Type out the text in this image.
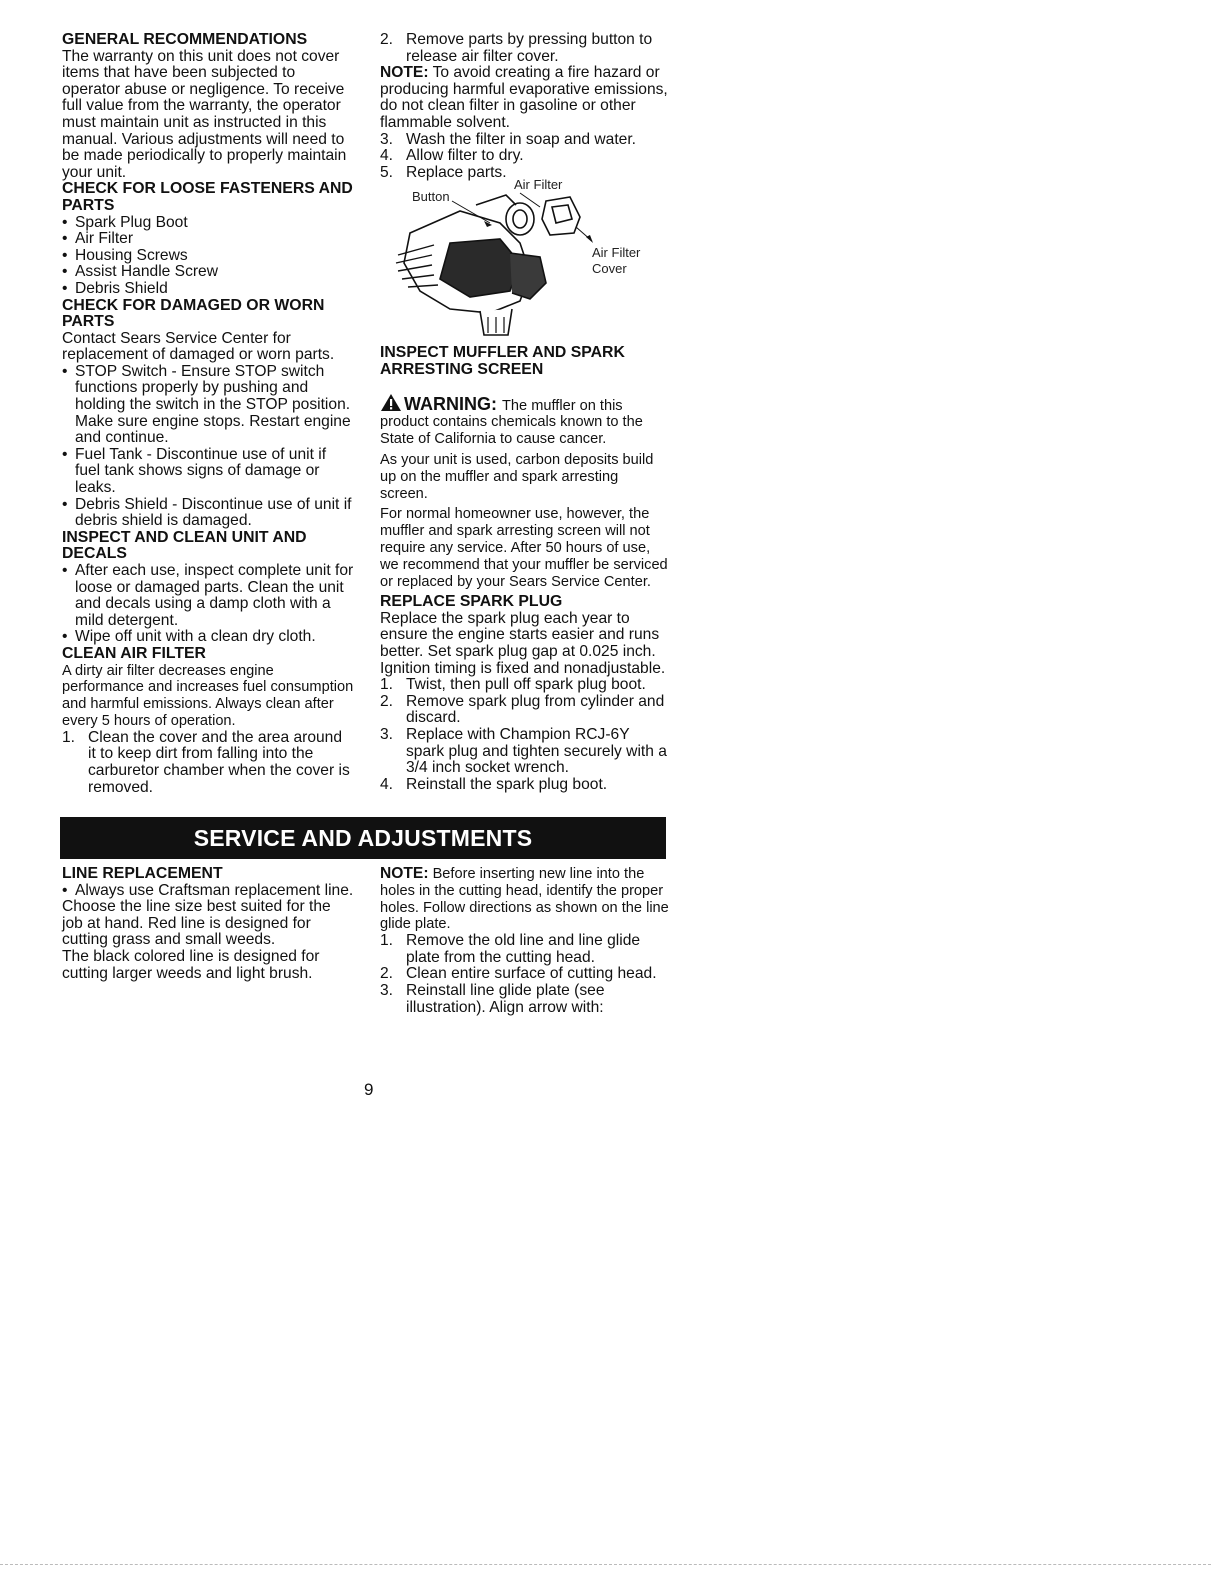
GENERAL RECOMMENDATIONS

The warranty on this unit does not cover items that have been subjected to operator abuse or negligence. To receive full value from the warranty, the operator must maintain unit as instructed in this manual. Various adjustments will need to be made periodically to properly maintain your unit.

CHECK FOR LOOSE FASTENERS AND PARTS

• Spark Plug Boot
• Air Filter
• Housing Screws
• Assist Handle Screw
• Debris Shield

CHECK FOR DAMAGED OR WORN PARTS

Contact Sears Service Center for replacement of damaged or worn parts.

• STOP Switch - Ensure STOP switch functions properly by pushing and holding the switch in the STOP position. Make sure engine stops. Restart engine and continue.
• Fuel Tank - Discontinue use of unit if fuel tank shows signs of damage or leaks.
• Debris Shield - Discontinue use of unit if debris shield is damaged.

INSPECT AND CLEAN UNIT AND DECALS

• After each use, inspect complete unit for loose or damaged parts. Clean the unit and decals using a damp cloth with a mild detergent.
• Wipe off unit with a clean dry cloth.

CLEAN AIR FILTER

A dirty air filter decreases engine performance and increases fuel consumption and harmful emissions. Always clean after every 5 hours of operation.

1. Clean the cover and the area around it to keep dirt from falling into the carburetor chamber when the cover is removed.
2. Remove parts by pressing button to release air filter cover.

NOTE: To avoid creating a fire hazard or producing harmful evaporative emissions, do not clean filter in gasoline or other flammable solvent.

3. Wash the filter in soap and water.
4. Allow filter to dry.
5. Replace parts.
Button
Air Filter
Air Filter Cover

INSPECT MUFFLER AND SPARK ARRESTING SCREEN

WARNING: The muffler on this product contains chemicals known to the State of California to cause cancer.

As your unit is used, carbon deposits build up on the muffler and spark arresting screen.

For normal homeowner use, however, the muffler and spark arresting screen will not require any service. After 50 hours of use, we recommend that your muffler be serviced or replaced by your Sears Service Center.

REPLACE SPARK PLUG

Replace the spark plug each year to ensure the engine starts easier and runs better. Set spark plug gap at 0.025 inch. Ignition timing is fixed and nonadjustable.

1. Twist, then pull off spark plug boot.
2. Remove spark plug from cylinder and discard.
3. Replace with Champion RCJ-6Y spark plug and tighten securely with a 3/4 inch socket wrench.
4. Reinstall the spark plug boot.
SERVICE AND ADJUSTMENTS

LINE REPLACEMENT

• Always use Craftsman replacement line.

Choose the line size best suited for the job at hand. Red line is designed for cutting grass and small weeds.

The black colored line is designed for cutting larger weeds and light brush.

NOTE: Before inserting new line into the holes in the cutting head, identify the proper holes. Follow directions as shown on the line glide plate.

1. Remove the old line and line glide plate from the cutting head.
2. Clean entire surface of cutting head.
3. Reinstall line glide plate (see illustration). Align arrow with:
9
